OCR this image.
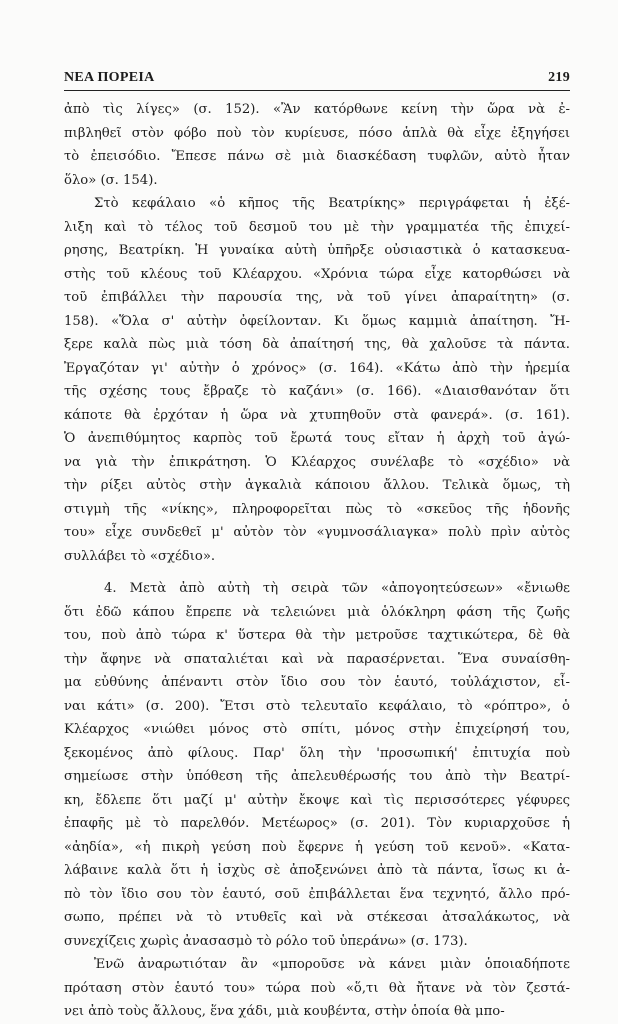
ΝΕΑ ΠΟΡΕΙΑ	219
ἀπὸ τὶς λίγες» (σ. 152). «Ἂν κατόρθωνε κείνη τὴν ὥρα νὰ ἐ-
πιβληθεῖ στὸν φόβο ποὺ τὸν κυρίευσε, πόσο ἁπλὰ θὰ εἶχε ἐξηγήσει
τὸ ἐπεισόδιο. Ἔπεσε πάνω σὲ μιὰ διασκέδαση τυφλῶν, αὐτὸ ἦταν
ὅλο» (σ. 154).
Στὸ κεφάλαιο «ὁ κῆπος τῆς Βεατρίκης» περιγράφεται ἡ ἐξέ-
λιξη καὶ τὸ τέλος τοῦ δεσμοῦ του μὲ τὴν γραμματέα τῆς ἐπιχεί-
ρησης, Βεατρίκη. Ἡ γυναίκα αὐτὴ ὑπῆρξε οὐσιαστικὰ ὁ κατασκευα-
στὴς τοῦ κλέους τοῦ Κλέαρχου. «Χρόνια τώρα εἶχε κατορθώσει νὰ
τοῦ ἐπιβάλλει τὴν παρουσία της, νὰ τοῦ γίνει ἀπαραίτητη» (σ.
158). «Ὅλα σ' αὐτὴν ὀφείλονταν. Κι ὅμως καμμιὰ ἀπαίτηση. Ἤ-
ξερε καλὰ πὼς μιὰ τόση δὰ ἀπαίτησή της, θὰ χαλοῦσε τὰ πάντα.
Ἐργαζόταν γι' αὐτὴν ὁ χρόνος» (σ. 164). «Κάτω ἀπὸ τὴν ἠρεμία
τῆς σχέσης τους ἔβραζε τὸ καζάνι» (σ. 166). «Διαισθανόταν ὅτι
κάποτε θὰ ἐρχόταν ἡ ὥρα νὰ χτυπηθοῦν στὰ φανερά». (σ. 161).
Ὁ ἀνεπιθύμητος καρπὸς τοῦ ἔρωτά τους εἴταν ἡ ἀρχὴ τοῦ ἀγώ-
να γιὰ τὴν ἐπικράτηση. Ὁ Κλέαρχος συνέλαβε τὸ «σχέδιο» νὰ
τὴν ρίξει αὐτὸς στὴν ἀγκαλιὰ κάποιου ἄλλου. Τελικὰ ὅμως, τὴ
στιγμὴ τῆς «νίκης», πληροφορεῖται πὼς τὸ «σκεῦος τῆς ἡδονῆς
του» εἶχε συνδεθεῖ μ' αὐτὸν τὸν «γυμνοσάλιαγκα» πολὺ πρὶν αὐτὸς
συλλάβει τὸ «σχέδιο».
4. Μετὰ ἀπὸ αὐτὴ τὴ σειρὰ τῶν «ἀπογοητεύσεων» «ἔνιωθε
ὅτι ἐδῶ κάπου ἔπρεπε νὰ τελειώνει μιὰ ὁλόκληρη φάση τῆς ζωῆς
του, ποὺ ἀπὸ τώρα κ' ὕστερα θὰ τὴν μετροῦσε ταχτικώτερα, δὲ θὰ
τὴν ἄφηνε νὰ σπαταλιέται καὶ νὰ παρασέρνεται. Ἕνα συναίσθη-
μα εὐθύνης ἀπέναντι στὸν ἴδιο σου τὸν ἑαυτό, τοὐλάχιστον, εἶ-
ναι κάτι» (σ. 200). Ἔτσι στὸ τελευταῖο κεφάλαιο, τὸ «ρόπτρο», ὁ
Κλέαρχος «νιώθει μόνος στὸ σπίτι, μόνος στὴν ἐπιχείρησή του,
ξεκομένος ἀπὸ φίλους. Παρ' ὅλη τὴν 'προσωπική' ἐπιτυχία ποὺ
σημείωσε στὴν ὑπόθεση τῆς ἀπελευθέρωσής του ἀπὸ τὴν Βεατρί-
κη, ἔδλεπε ὅτι μαζί μ' αὐτὴν ἔκοψε καὶ τὶς περισσότερες γέφυρες
ἐπαφῆς μὲ τὸ παρελθόν. Μετέωρος» (σ. 201). Τὸν κυριαρχοῦσε ἡ
«ἀηδία», «ἡ πικρὴ γεύση ποὺ ἔφερνε ἡ γεύση τοῦ κενοῦ». «Κατα-
λάβαινε καλὰ ὅτι ἡ ἰσχὺς σὲ ἀποξενώνει ἀπὸ τὰ πάντα, ἴσως κι ἀ-
πὸ τὸν ἴδιο σου τὸν ἑαυτό, σοῦ ἐπιβάλλεται ἕνα τεχνητό, ἄλλο πρό-
σωπο, πρέπει νὰ τὸ ντυθεῖς καὶ νὰ στέκεσαι ἀτσαλάκωτος, νὰ
συνεχίζεις χωρὶς ἀνασασμὸ τὸ ρόλο τοῦ ὑπεράνω» (σ. 173).
Ἐνῶ ἀναρωτιόταν ἂν «μποροῦσε νὰ κάνει μιὰν ὁποιαδήποτε
πρόταση στὸν ἑαυτό του» τώρα ποὺ «ὅ,τι θὰ ἤτανε νὰ τὸν ζεστά-
νει ἀπὸ τοὺς ἄλλους, ἕνα χάδι, μιὰ κουβέντα, στὴν ὁποία θὰ μπο-
